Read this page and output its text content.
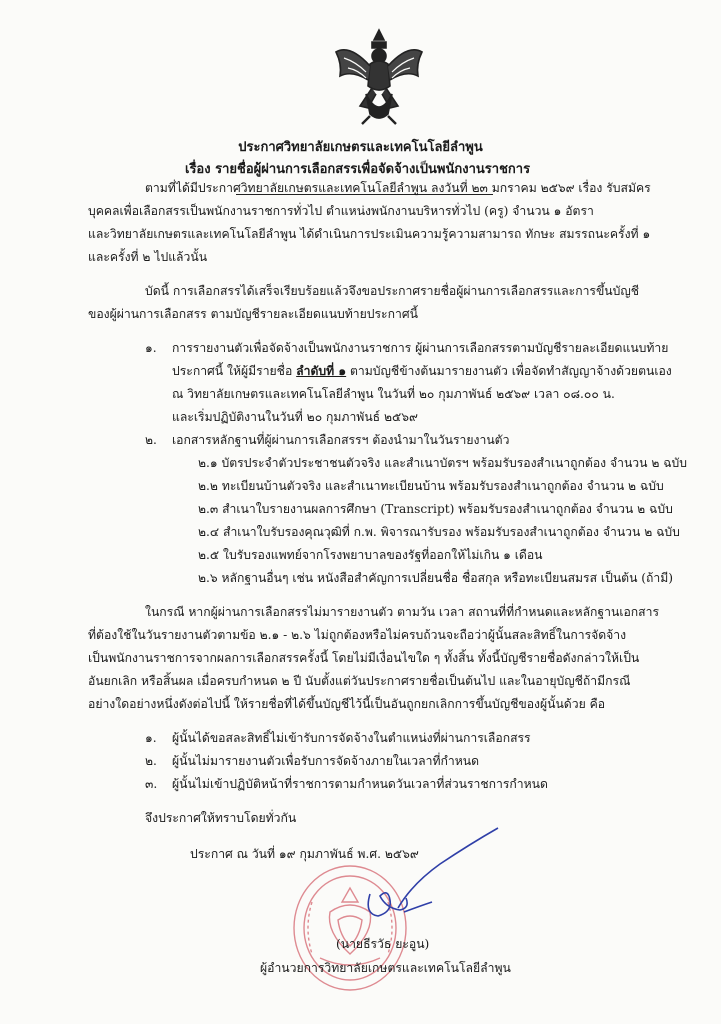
ประกาศวิทยาลัยเกษตรและเทคโนโลยีลำพูน
เรื่อง รายชื่อผู้ผ่านการเลือกสรรเพื่อจัดจ้างเป็นพนักงานราชการ
ตามที่ได้มีประกาศวิทยาลัยเกษตรและเทคโนโลยีลำพูน ลงวันที่ ๒๓ มกราคม ๒๕๖๙ เรื่อง รับสมัคร
บุคคลเพื่อเลือกสรรเป็นพนักงานราชการทั่วไป ตำแหน่งพนักงานบริหารทั่วไป (ครู) จำนวน ๑ อัตรา
และวิทยาลัยเกษตรและเทคโนโลยีลำพูน ได้ดำเนินการประเมินความรู้ความสามารถ ทักษะ สมรรถนะครั้งที่ ๑
และครั้งที่ ๒ ไปแล้วนั้น
บัดนี้ การเลือกสรรได้เสร็จเรียบร้อยแล้วจึงขอประกาศรายชื่อผู้ผ่านการเลือกสรรและการขึ้นบัญชี
ของผู้ผ่านการเลือกสรร ตามบัญชีรายละเอียดแนบท้ายประกาศนี้
๑. การรายงานตัวเพื่อจัดจ้างเป็นพนักงานราชการ ผู้ผ่านการเลือกสรรตามบัญชีรายละเอียดแนบท้าย
ประกาศนี้ ให้ผู้มีรายชื่อ ลำดับที่ ๑ ตามบัญชีข้างต้นมารายงานตัว เพื่อจัดทำสัญญาจ้างด้วยตนเอง
ณ วิทยาลัยเกษตรและเทคโนโลยีลำพูน ในวันที่ ๒๐ กุมภาพันธ์ ๒๕๖๙ เวลา ๐๘.๐๐ น.
และเริ่มปฏิบัติงานในวันที่ ๒๐ กุมภาพันธ์ ๒๕๖๙
๒. เอกสารหลักฐานที่ผู้ผ่านการเลือกสรรฯ ต้องนำมาในวันรายงานตัว
๒.๑ บัตรประจำตัวประชาชนตัวจริง และสำเนาบัตรฯ พร้อมรับรองสำเนาถูกต้อง จำนวน ๒ ฉบับ
๒.๒ ทะเบียนบ้านตัวจริง และสำเนาทะเบียนบ้าน พร้อมรับรองสำเนาถูกต้อง จำนวน ๒ ฉบับ
๒.๓ สำเนาใบรายงานผลการศึกษา (Transcript) พร้อมรับรองสำเนาถูกต้อง จำนวน ๒ ฉบับ
๒.๔ สำเนาใบรับรองคุณวุฒิที่ ก.พ. พิจารณารับรอง พร้อมรับรองสำเนาถูกต้อง จำนวน ๒ ฉบับ
๒.๕ ใบรับรองแพทย์จากโรงพยาบาลของรัฐที่ออกให้ไม่เกิน ๑ เดือน
๒.๖ หลักฐานอื่นๆ เช่น หนังสือสำคัญการเปลี่ยนชื่อ ชื่อสกุล หรือทะเบียนสมรส เป็นต้น (ถ้ามี)
ในกรณี หากผู้ผ่านการเลือกสรรไม่มารายงานตัว ตามวัน เวลา สถานที่ที่กำหนดและหลักฐานเอกสาร
ที่ต้องใช้ในวันรายงานตัวตามข้อ ๒.๑ - ๒.๖ ไม่ถูกต้องหรือไม่ครบถ้วนจะถือว่าผู้นั้นสละสิทธิ์ในการจัดจ้าง
เป็นพนักงานราชการจากผลการเลือกสรรครั้งนี้ โดยไม่มีเงื่อนไขใด ๆ ทั้งสิ้น ทั้งนี้บัญชีรายชื่อดังกล่าวให้เป็น
อันยกเลิก หรือสิ้นผล เมื่อครบกำหนด ๒ ปี นับตั้งแต่วันประกาศรายชื่อเป็นต้นไป และในอายุบัญชีถ้ามีกรณี
อย่างใดอย่างหนึ่งดังต่อไปนี้ ให้รายชื่อที่ได้ขึ้นบัญชีไว้นี้เป็นอันถูกยกเลิกการขึ้นบัญชีของผู้นั้นด้วย คือ
๑. ผู้นั้นได้ขอสละสิทธิ์ไม่เข้ารับการจัดจ้างในตำแหน่งที่ผ่านการเลือกสรร
๒. ผู้นั้นไม่มารายงานตัวเพื่อรับการจัดจ้างภายในเวลาที่กำหนด
๓. ผู้นั้นไม่เข้าปฏิบัติหน้าที่ราชการตามกำหนดวันเวลาที่ส่วนราชการกำหนด
จึงประกาศให้ทราบโดยทั่วกัน
ประกาศ ณ วันที่ ๑๙ กุมภาพันธ์ พ.ศ. ๒๕๖๙
(นายธีรวัธ ยะอูน)
ผู้อำนวยการวิทยาลัยเกษตรและเทคโนโลยีลำพูน
